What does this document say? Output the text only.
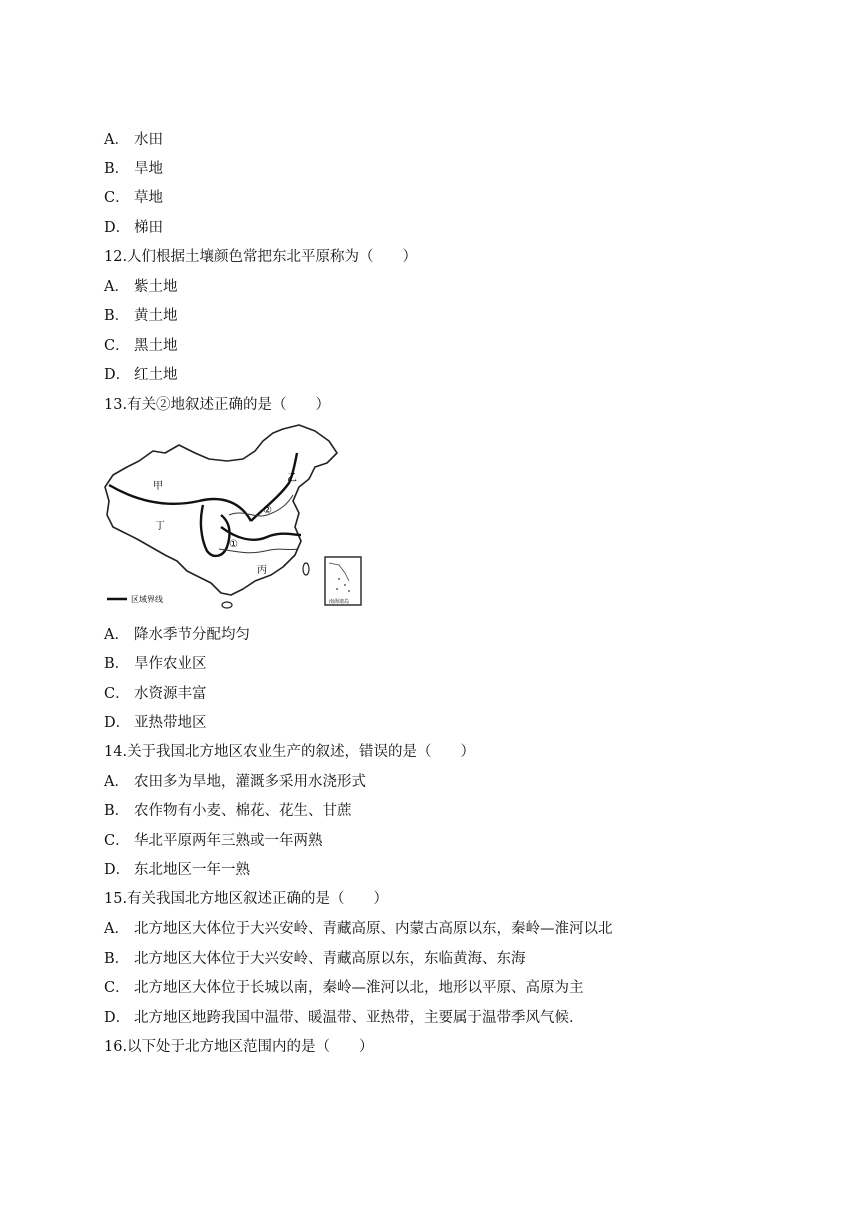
A． 水田
B． 旱地
C． 草地
D． 梯田
12.人们根据土壤颜色常把东北平原称为（　　）
A． 紫土地
B． 黄土地
C． 黑土地
D． 红土地
13.有关②地叙述正确的是（　　）
甲
乙
丙
丁
①
②
区域界线	南海诸岛
A． 降水季节分配均匀
B． 旱作农业区
C． 水资源丰富
D． 亚热带地区
14.关于我国北方地区农业生产的叙述，错误的是（　　）
A． 农田多为旱地，灌溉多采用水浇形式
B． 农作物有小麦、棉花、花生、甘蔗
C． 华北平原两年三熟或一年两熟
D． 东北地区一年一熟
15.有关我国北方地区叙述正确的是（　　）
A． 北方地区大体位于大兴安岭、青藏高原、内蒙古高原以东，秦岭—淮河以北
B． 北方地区大体位于大兴安岭、青藏高原以东，东临黄海、东海
C． 北方地区大体位于长城以南，秦岭—淮河以北，地形以平原、高原为主
D． 北方地区地跨我国中温带、暖温带、亚热带，主要属于温带季风气候．
16.以下处于北方地区范围内的是（　　）
